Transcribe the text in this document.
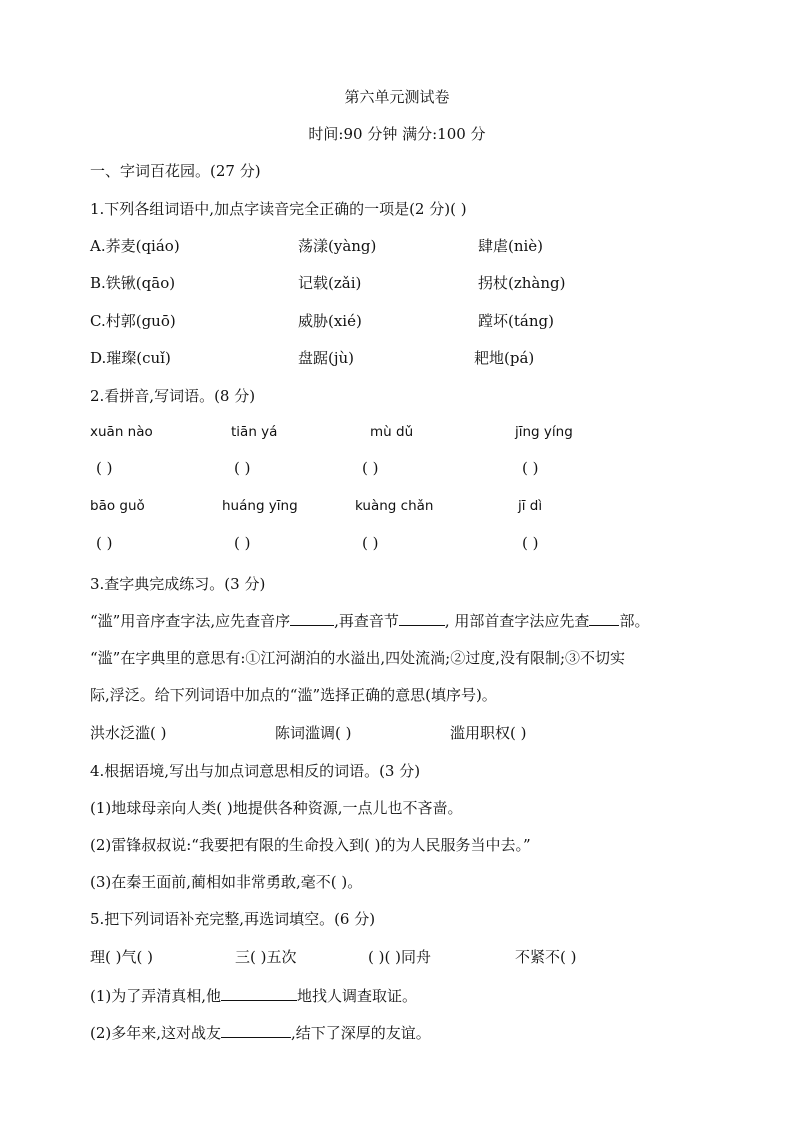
第六单元测试卷
时间:90 分钟 满分:100 分
一、字词百花园。(27 分)
1.下列各组词语中,加点字读音完全正确的一项是(2 分)( )
A.荞麦(qiáo)	荡漾(yàng)	肆虐(niè)
B.铁锹(qāo)	记载(zǎi)	拐杖(zhàng)
C.村郭(guō)	威胁(xié)	蹚坏(táng)
D.璀璨(cuǐ)	盘踞(jù)	耙地(pá)
2.看拼音,写词语。(8 分)
xuān nào	tiān yá	mù dǔ	jīng yíng
( )	( )	( )	( )
bāo guǒ	huáng yīng	kuàng chǎn	jī dì
( )	( )	( )	( )
3.查字典完成练习。(3 分)
“滥”用音序查字法,应先查音序	,再查音节	, 用部首查字法应先查 部。
“滥”在字典里的意思有:①江河湖泊的水溢出,四处流淌;②过度,没有限制;③不切实
际,浮泛。给下列词语中加点的“滥”选择正确的意思(填序号)。
洪水泛滥( )	陈词滥调( )	滥用职权( )
4.根据语境,写出与加点词意思相反的词语。(3 分)
(1)地球母亲向人类( )地提供各种资源,一点儿也不吝啬。
(2)雷锋叔叔说:“我要把有限的生命投入到( )的为人民服务当中去。”
(3)在秦王面前,蔺相如非常勇敢,毫不( )。
5.把下列词语补充完整,再选词填空。(6 分)
理( )气( )	三( )五次	( )( )同舟	不紧不( )
(1)为了弄清真相,他	地找人调查取证。
(2)多年来,这对战友	,结下了深厚的友谊。
